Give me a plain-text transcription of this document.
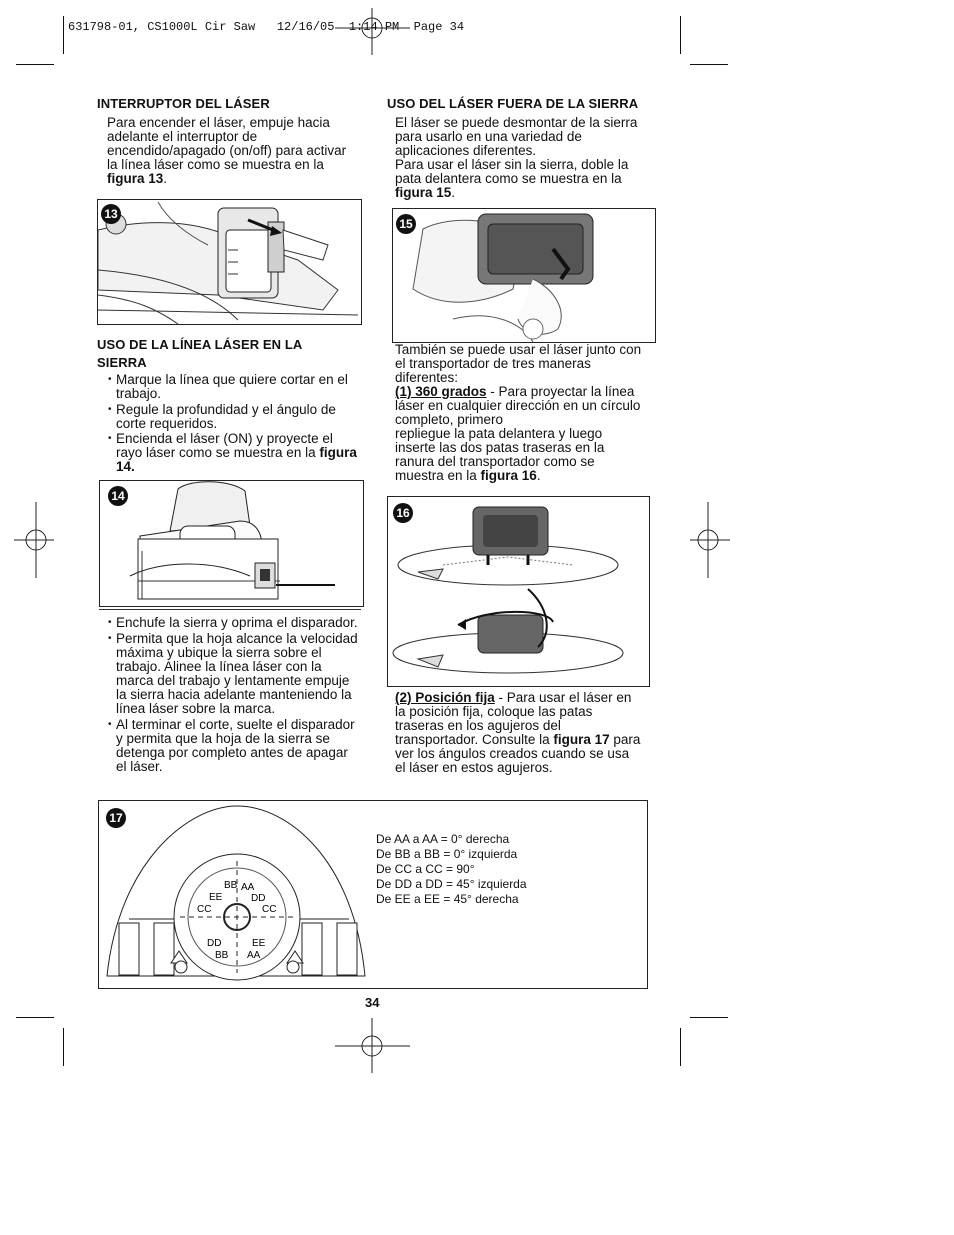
631798-01, CS1000L Cir Saw   12/16/05  1:14 PM  Page 34
INTERRUPTOR DEL LÁSER
Para encender el láser, empuje hacia
adelante el interruptor de
encendido/apagado (on/off) para activar
la línea láser como se muestra en la
figura 13.
13
USO DE LA LÍNEA LÁSER EN LA
SIERRA
• Marque la línea que quiere cortar en el
trabajo.
• Regule la profundidad y el ángulo de
corte requeridos.
• Encienda el láser (ON) y proyecte el
rayo láser como se muestra en la figura
14.
14
• Enchufe la sierra y oprima el disparador.
• Permita que la hoja alcance la velocidad
máxima y ubique la sierra sobre el
trabajo. Alinee la línea láser con la
marca del trabajo y lentamente empuje
la sierra hacia adelante manteniendo la
línea láser sobre la marca.
• Al terminar el corte, suelte el disparador
y permita que la hoja de la sierra se
detenga por completo antes de apagar
el láser.
USO DEL LÁSER FUERA DE LA SIERRA
El láser se puede desmontar de la sierra
para usarlo en una variedad de
aplicaciones diferentes.
Para usar el láser sin la sierra, doble la
pata delantera como se muestra en la
figura 15.
15
También se puede usar el láser junto con
el transportador de tres maneras
diferentes:
(1) 360 grados - Para proyectar la línea
láser en cualquier dirección en un círculo
completo, primero
repliegue la pata delantera y luego
inserte las dos patas traseras en la
ranura del transportador como se
muestra en la figura 16.
16
(2) Posición fija - Para usar el láser en
la posición fija, coloque las patas
traseras en los agujeros del
transportador. Consulte la figura 17 para
ver los ángulos creados cuando se usa
el láser en estos agujeros.
BB AA
EE	DD
CC	CC
DD	EE
BB AA
17
De AA a AA = 0° derecha
De BB a BB = 0° izquierda
De CC a CC = 90°
De DD a DD = 45° izquierda
De EE a EE = 45° derecha
34
